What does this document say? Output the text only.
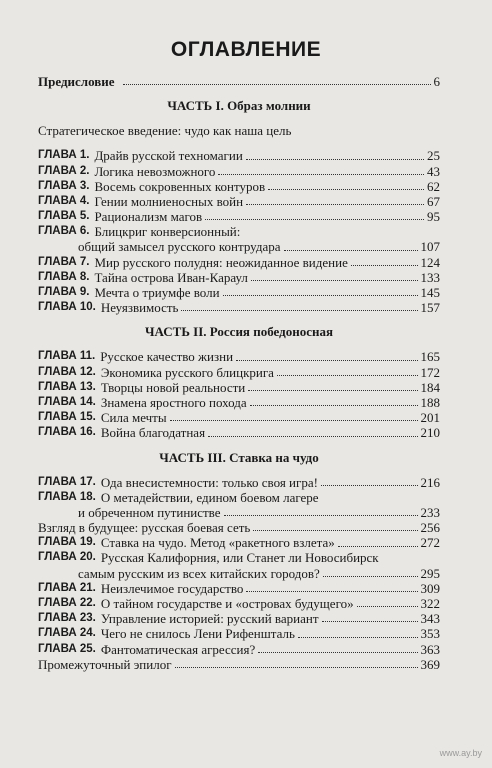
ОГЛАВЛЕНИЕ
Предисловие	6
ЧАСТЬ I. Образ молнии
Стратегическое введение: чудо как наша цель
ГЛАВА 1. Драйв русской техномагии	25
ГЛАВА 2. Логика невозможного	43
ГЛАВА 3. Восемь сокровенных контуров	62
ГЛАВА 4. Гении молниеносных войн	67
ГЛАВА 5. Рационализм магов	95
ГЛАВА 6. Блицкриг конверсионный:
общий замысел русского контрудара	107
ГЛАВА 7. Мир русского полудня: неожиданное видение	124
ГЛАВА 8. Тайна острова Иван-Караул	133
ГЛАВА 9. Мечта о триумфе воли	145
ГЛАВА 10. Неуязвимость	157
ЧАСТЬ II. Россия победоносная
ГЛАВА 11. Русское качество жизни	165
ГЛАВА 12. Экономика русского блицкрига	172
ГЛАВА 13. Творцы новой реальности	184
ГЛАВА 14. Знамена яростного похода	188
ГЛАВА 15. Сила мечты	201
ГЛАВА 16. Война благодатная	210
ЧАСТЬ III. Ставка на чудо
ГЛАВА 17. Ода внесистемности: только своя игра!	216
ГЛАВА 18. О метадействии, едином боевом лагере
и обреченном путинистве	233
Взгляд в будущее: русская боевая сеть	256
ГЛАВА 19. Ставка на чудо. Метод «ракетного взлета»	272
ГЛАВА 20. Русская Калифорния, или Станет ли Новосибирск
самым русским из всех китайских городов?	295
ГЛАВА 21. Неизлечимое государство	309
ГЛАВА 22. О тайном государстве и «островах будущего»	322
ГЛАВА 23. Управление историей: русский вариант	343
ГЛАВА 24. Чего не снилось Лени Рифеншталь	353
ГЛАВА 25. Фантоматическая агрессия?	363
Промежуточный эпилог	369
www.ay.by
